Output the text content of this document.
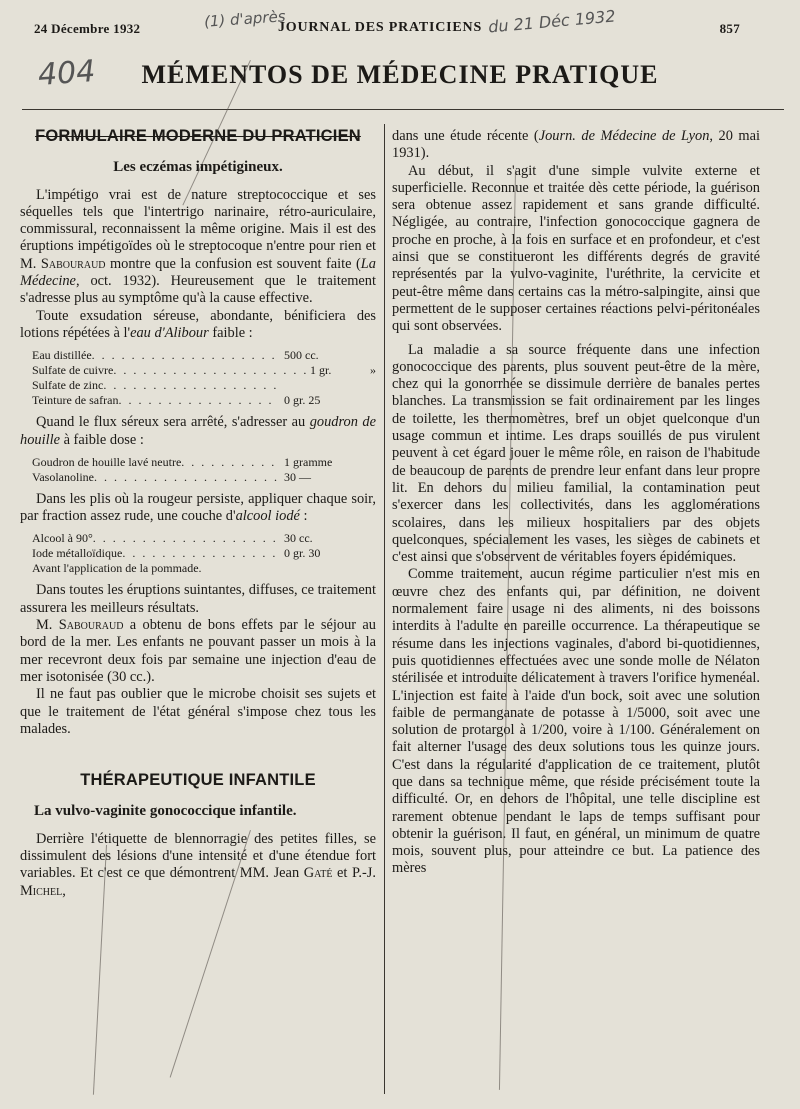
24 Décembre 1932	JOURNAL DES PRATICIENS	857
(1) d'après	du 21 Déc 1932
404	MÉMENTOS DE MÉDECINE PRATIQUE
FORMULAIRE MODERNE DU PRATICIEN
Les eczémas impétigineux.

L'impétigo vrai est de nature streptococcique et ses séquelles tels que l'intertrigo narinaire, rétro-auriculaire, commissural, reconnaissent la même origine. Mais il est des éruptions impétigoïdes où le streptocoque n'entre pour rien et M. Sabouraud montre que la confusion est souvent faite (La Médecine, oct. 1932). Heureusement que le traitement s'adresse plus au symptôme qu'à la cause effective.

Toute exsudation séreuse, abondante, bénificiera des lotions répétées à l'eau d'Alibour faible :

Eau distillée . . .	500 cc.
Sulfate de cuivre . . .	1 gr.	»
Sulfate de zinc
. . .
Teinture de safran . . .	0 gr. 25

Quand le flux séreux sera arrêté, s'adresser au goudron de houille à faible dose :

Goudron de houille lavé neutre . . .	1 gramme
Vasolanoline . . .	30 —

Dans les plis où la rougeur persiste, appliquer chaque soir, par fraction assez rude, une couche d'alcool iodé :

Alcool à 90° . . .	30 cc.
Iode métalloïdique . . .	0 gr. 30
Avant l'application de la pommade.

Dans toutes les éruptions suintantes, diffuses, ce traitement assurera les meilleurs résultats.

M. Sabouraud a obtenu de bons effets par le séjour au bord de la mer. Les enfants ne pouvant passer un mois à la mer recevront deux fois par semaine une injection d'eau de mer isotonisée (30 cc.).

Il ne faut pas oublier que le microbe choisit ses sujets et que le traitement de l'état général s'impose chez tous les malades.

THÉRAPEUTIQUE INFANTILE
La vulvo-vaginite gonococcique infantile.

Derrière l'étiquette de blennorragie des petites filles, se dissimulent des lésions d'une intensité et d'une étendue fort variables. Et c'est ce que démontrent MM. Jean Gaté et P.-J. Michel,

dans une étude récente (Journ. de Médecine de Lyon, 20 mai 1931).

Au début, il s'agit d'une simple vulvite externe et superficielle. Reconnue et traitée dès cette période, la guérison sera obtenue assez rapidement et sans grande difficulté. Négligée, au contraire, l'infection gonococcique gagnera de proche en proche, à la fois en surface et en profondeur, et c'est ainsi que se constitueront les différents degrés de gravité représentés par la vulvo-vaginite, l'uréthrite, la cervicite et peut-être même dans certains cas la métro-salpingite, ainsi que permettent de le supposer certaines réactions pelvi-péritonéales qui sont observées.

La maladie a sa source fréquente dans une infection gonococcique des parents, plus souvent peut-être de la mère, chez qui la gonorrhée se dissimule derrière de banales pertes blanches. La transmission se fait ordinairement par les linges de toilette, les thermomètres, bref un objet quelconque d'un usage commun et intime. Les draps souillés de pus virulent peuvent à cet égard jouer le même rôle, en raison de l'habitude de beaucoup de parents de prendre leur enfant dans leur propre lit. En dehors du milieu familial, la contamination peut s'exercer dans les collectivités, dans les agglomérations scolaires, dans les milieux hospitaliers par des objets quelconques, spécialement les vases, les sièges de cabinets et c'est ainsi que s'observent de véritables foyers épidémiques.

Comme traitement, aucun régime particulier n'est mis en œuvre chez des enfants qui, par définition, ne doivent normalement faire usage ni des aliments, ni des boissons interdits à l'adulte en pareille occurrence. La thérapeutique se résume dans les injections vaginales, d'abord bi-quotidiennes, puis quotidiennes effectuées avec une sonde molle de Nélaton stérilisée et introduite délicatement à travers l'orifice hymenéal. L'injection est faite à l'aide d'un bock, soit avec une solution faible de permanganate de potasse à 1/5000, soit avec une solution de protargol à 1/200, voire à 1/100. Généralement on fait alterner l'usage des deux solutions tous les quinze jours. C'est dans la régularité d'application de ce traitement, plutôt que dans sa technique même, que réside précisément toute la difficulté. Or, en dehors de l'hôpital, une telle discipline est rarement obtenue pendant le laps de temps suffisant pour obtenir la guérison. Il faut, en général, un minimum de quatre mois, souvent plus, pour atteindre ce but. La patience des mères
